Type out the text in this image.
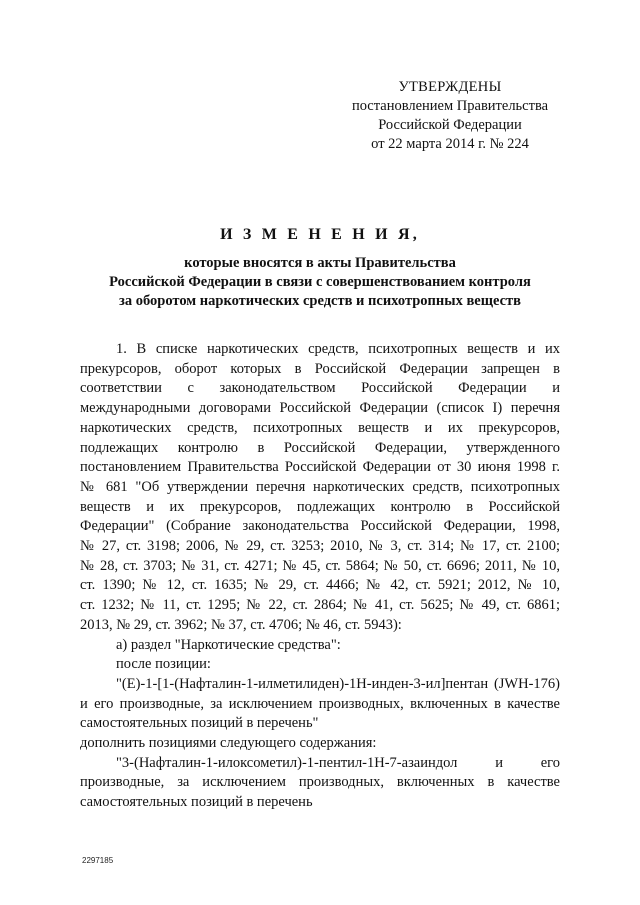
УТВЕРЖДЕНЫ
постановлением Правительства
Российской Федерации
от 22 марта 2014 г. № 224
И З М Е Н Е Н И Я,
которые вносятся в акты Правительства
Российской Федерации в связи с совершенствованием контроля
за оборотом наркотических средств и психотропных веществ
1. В списке наркотических средств, психотропных веществ и их
прекурсоров, оборот которых в Российской Федерации запрещен в
соответствии с законодательством Российской Федерации и
международными договорами Российской Федерации (список I) перечня
наркотических средств, психотропных веществ и их прекурсоров,
подлежащих контролю в Российской Федерации, утвержденного
постановлением Правительства Российской Федерации от 30 июня 1998 г.
№ 681 "Об утверждении перечня наркотических средств, психотропных
веществ и их прекурсоров, подлежащих контролю в Российской
Федерации" (Собрание законодательства Российской Федерации, 1998,
№ 27, ст. 3198; 2006, № 29, ст. 3253; 2010, № 3, ст. 314; № 17, ст. 2100;
№ 28, ст. 3703; № 31, ст. 4271; № 45, ст. 5864; № 50, ст. 6696; 2011, № 10,
ст. 1390; № 12, ст. 1635; № 29, ст. 4466; № 42, ст. 5921; 2012, № 10,
ст. 1232; № 11, ст. 1295; № 22, ст. 2864; № 41, ст. 5625; № 49, ст. 6861;
2013, № 29, ст. 3962; № 37, ст. 4706; № 46, ст. 5943):
а) раздел "Наркотические средства":
после позиции:
"(E)-1-[1-(Нафталин-1-илметилиден)-1H-инден-3-ил]пентан (JWH-176)
и его производные, за исключением производных, включенных в качестве
самостоятельных позиций в перечень"
дополнить позициями следующего содержания:
"3-(Нафталин-1-илоксометил)-1-пентил-1H-7-азаиндол и его
производные, за исключением производных, включенных в качестве
самостоятельных позиций в перечень
2297185
